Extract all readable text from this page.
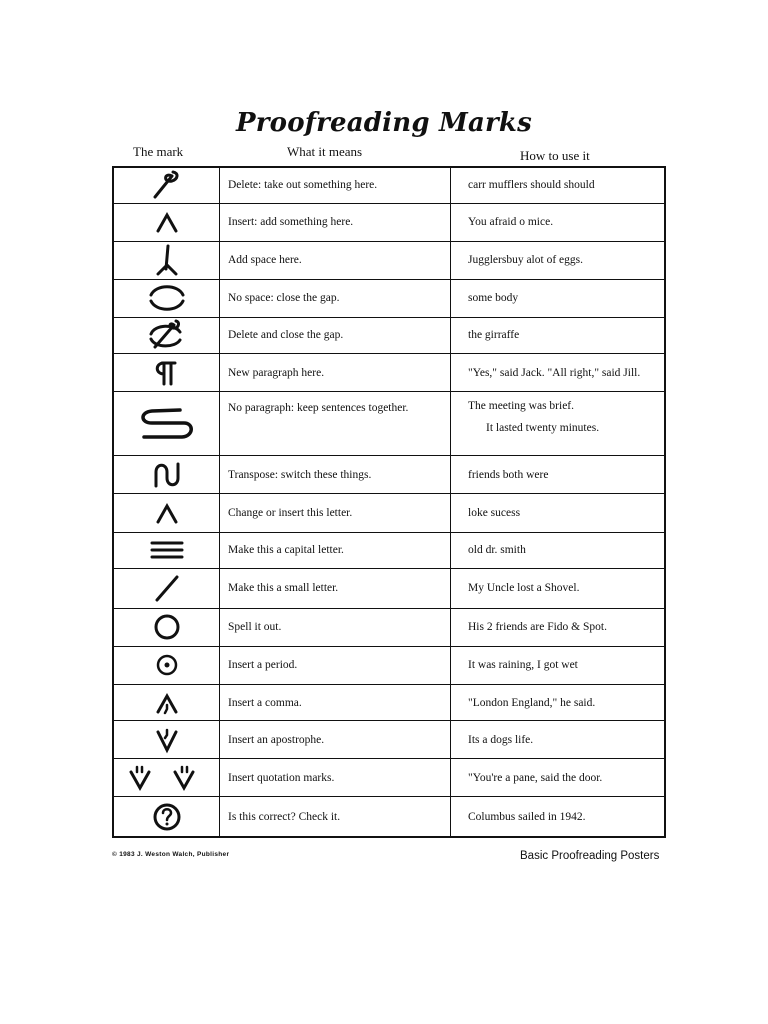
Proofreading Marks
The mark	What it means	How to use it
	Delete: take out something here.	carr mufflers should should

	Insert: add something here.	You afraid o mice.

	Add space here.	Jugglersbuy alot of eggs.

	No space: close the gap.	some body

	Delete and close the gap.	the girraffe

	New paragraph here.	"Yes," said Jack. "All right," said Jill.

	No paragraph: keep sentences together.	The meeting was brief.
It lasted twenty minutes.

	Transpose: switch these things.	friends both were

	Change or insert this letter.	loke sucess

	Make this a capital letter.	old dr. smith

	Make this a small letter.	My Uncle lost a Shovel.

	Spell it out.	His 2 friends are Fido & Spot.

	Insert a period.	It was raining, I got wet

	Insert a comma.	"London England," he said.

	Insert an apostrophe.	Its a dogs life.

	Insert quotation marks.	"You're a pane, said the door.

	Is this correct? Check it.	Columbus sailed in 1942.
© 1983 J. Weston Walch, Publisher	Basic Proofreading Posters
